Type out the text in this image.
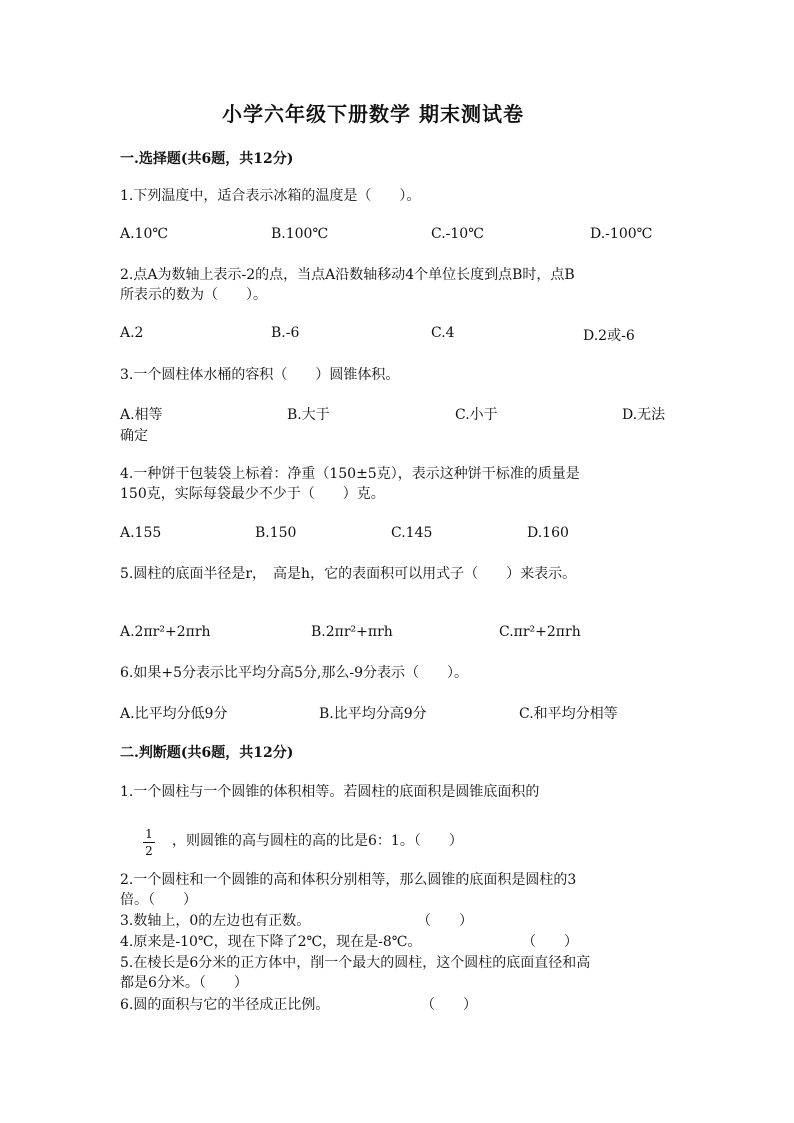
小学六年级下册数学 期末测试卷
一.选择题(共6题，共12分)
1.下列温度中，适合表示冰箱的温度是（　　）。
A.10℃	B.100℃	C.-10℃	D.-100℃
2.点A为数轴上表示-2的点，当点A沿数轴移动4个单位长度到点B时，点B
所表示的数为（　　）。
A.2	B.-6	C.4	D.2或-6
3.一个圆柱体水桶的容积（　　）圆锥体积。
A.相等	B.大于	C.小于	D.无法
确定
4.一种饼干包装袋上标着：净重（150±5克），表示这种饼干标准的质量是
150克，实际每袋最少不少于（　　）克。
A.155	B.150	C.145	D.160
5.圆柱的底面半径是r，　高是h，它的表面积可以用式子（　　）来表示。
A.2πr²+2πrh	B.2πr²+πrh	C.πr²+2πrh
6.如果+5分表示比平均分高5分,那么-9分表示（　　）。
A.比平均分低9分	B.比平均分高9分	C.和平均分相等
二.判断题(共6题，共12分)
1.一个圆柱与一个圆锥的体积相等。若圆柱的底面积是圆锥底面积的
1
2
，则圆锥的高与圆柱的高的比是6：1。（　　）
2.一个圆柱和一个圆锥的高和体积分别相等，那么圆锥的底面积是圆柱的3
倍。（　　）
3.数轴上，0的左边也有正数。	（　　）
4.原来是-10℃，现在下降了2℃，现在是-8℃。	（　　）
5.在棱长是6分米的正方体中，削一个最大的圆柱，这个圆柱的底面直径和高
都是6分米。（　　）
6.圆的面积与它的半径成正比例。	（　　）
